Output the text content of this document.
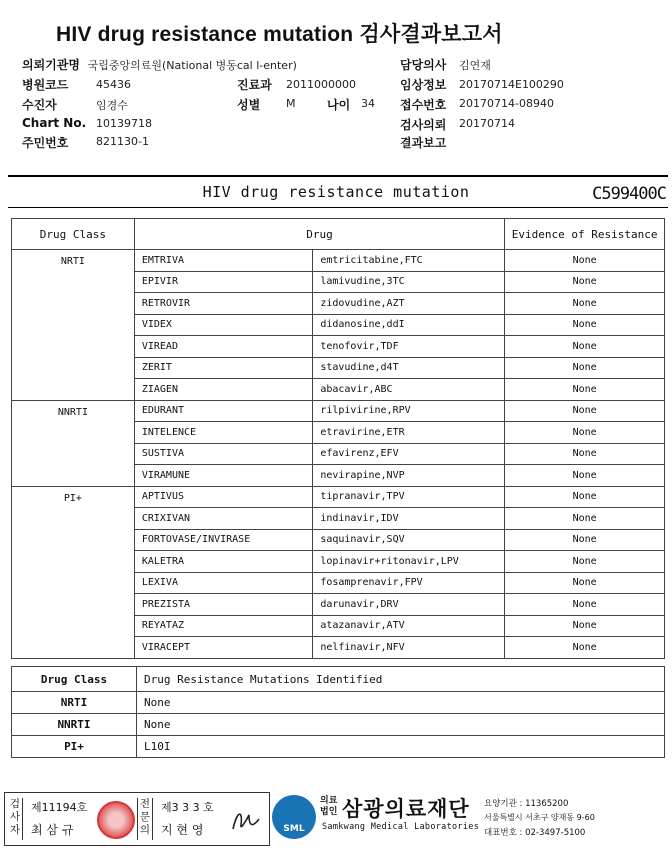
HIV drug resistance mutation 검사결과보고서
의뢰기관명 국립중앙의료원(National 병동cal l-enter)
병원코드	45436	진료과 2011000000
수진자	임경수	성별 M	나이 34
Chart No. 10139718
주민번호	821130-1
담당의사 김연재
임상정보 20170714E100290
접수번호 20170714-08940
검사의뢰 20170714
결과보고
HIV drug resistance mutation	C599400C
Drug Class	Drug		Evidence of Resistance
NRTI	EMTRIVA	emtricitabine,FTC	None
	EPIVIR	lamivudine,3TC	None
	RETROVIR	zidovudine,AZT	None
	VIDEX	didanosine,ddI	None
	VIREAD	tenofovir,TDF	None
	ZERIT	stavudine,d4T	None
	ZIAGEN	abacavir,ABC	None
NNRTI	EDURANT	rilpivirine,RPV	None
	INTELENCE	etravirine,ETR	None
	SUSTIVA	efavirenz,EFV	None
	VIRAMUNE	nevirapine,NVP	None
PI+	APTIVUS	tipranavir,TPV	None
	CRIXIVAN	indinavir,IDV	None
	FORTOVASE/INVIRASE	saquinavir,SQV	None
	KALETRA	lopinavir+ritonavir,LPV	None
	LEXIVA	fosamprenavir,FPV	None
	PREZISTA	darunavir,DRV	None
	REYATAZ	atazanavir,ATV	None
	VIRACEPT	nelfinavir,NFV	None
Drug Class	Drug Resistance Mutations Identified
NRTI	None
NNRTI	None
PI+	L10I
검사자
제11194호
최 삼 규
전문의
제3 3 3 호
지 현 영	SML
의료법인 삼광의료재단
Samkwang Medical Laboratories
요양기관 : 11365200
서울특별시 서초구 양재동 9-60
대표번호 : 02-3497-5100
